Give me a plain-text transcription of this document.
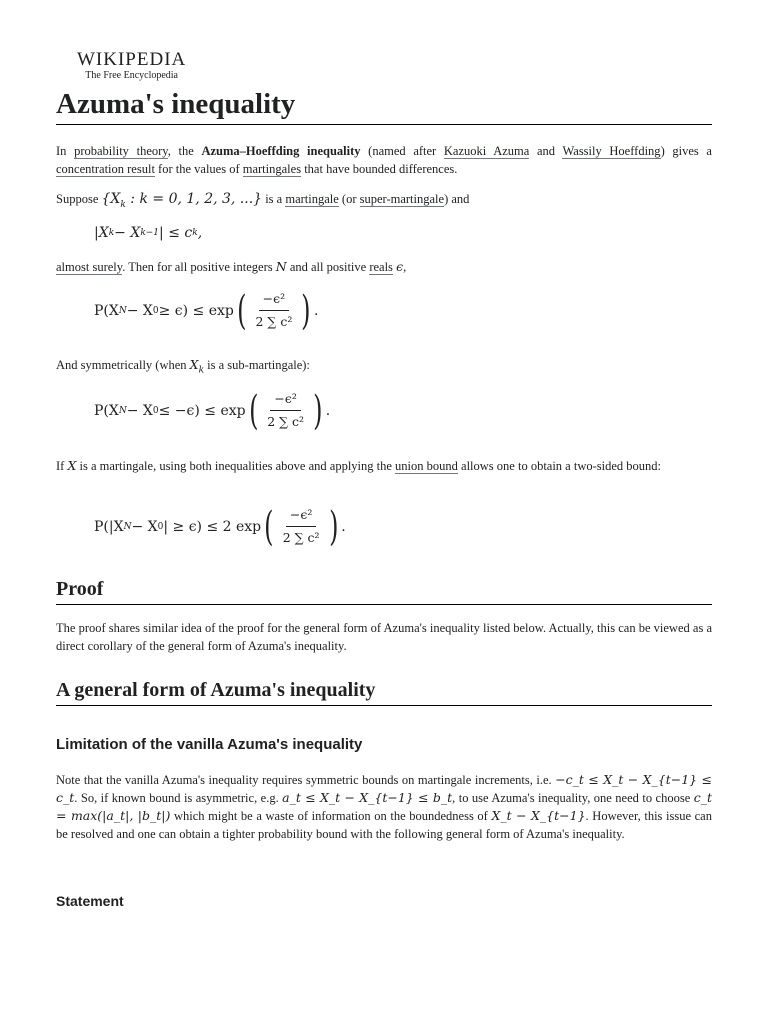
WIKIPEDIA
The Free Encyclopedia
Azuma's inequality

In probability theory, the Azuma–Hoeffding inequality (named after Kazuoki Azuma and Wassily Hoeffding) gives a concentration result for the values of martingales that have bounded differences.

Suppose {$X_k$ : k = 0, 1, 2, 3, ...} is a martingale (or super-martingale) and

|X k − X k−1 | ≤ c k ,

almost surely. Then for all positive integers N and all positive reals ϵ,

P(X N − X 0 ≥ ϵ) ≤ exp ( $\frac{\text{−ϵ²}}{\text{2 ∑ c²}}$ ) .

And symmetrically (when $X_k$ is a sub-martingale):

P(X N − X 0 ≤ −ϵ) ≤ exp ( $\frac{\text{−ϵ²}}{\text{2 ∑ c²}}$ ) .

If X is a martingale, using both inequalities above and applying the union bound allows one to obtain a two-sided bound:

P(|X N − X 0 | ≥ ϵ) ≤ 2 exp ( $\frac{\text{−ϵ²}}{\text{2 ∑ c²}}$ ) .
Proof

The proof shares similar idea of the proof for the general form of Azuma's inequality listed below. Actually, this can be viewed as a direct corollary of the general form of Azuma's inequality.

A general form of Azuma's inequality
Limitation of the vanilla Azuma's inequality

Note that the vanilla Azuma's inequality requires symmetric bounds on martingale increments, i.e. −c_t ≤ X_t − X_{t−1} ≤ c_t. So, if known bound is asymmetric, e.g. a_t ≤ X_t − X_{t−1} ≤ b_t, to use Azuma's inequality, one need to choose c_t = max(|a_t|, |b_t|) which might be a waste of information on the boundedness of X_t − X_{t−1}. However, this issue can be resolved and one can obtain a tighter probability bound with the following general form of Azuma's inequality.

Statement
